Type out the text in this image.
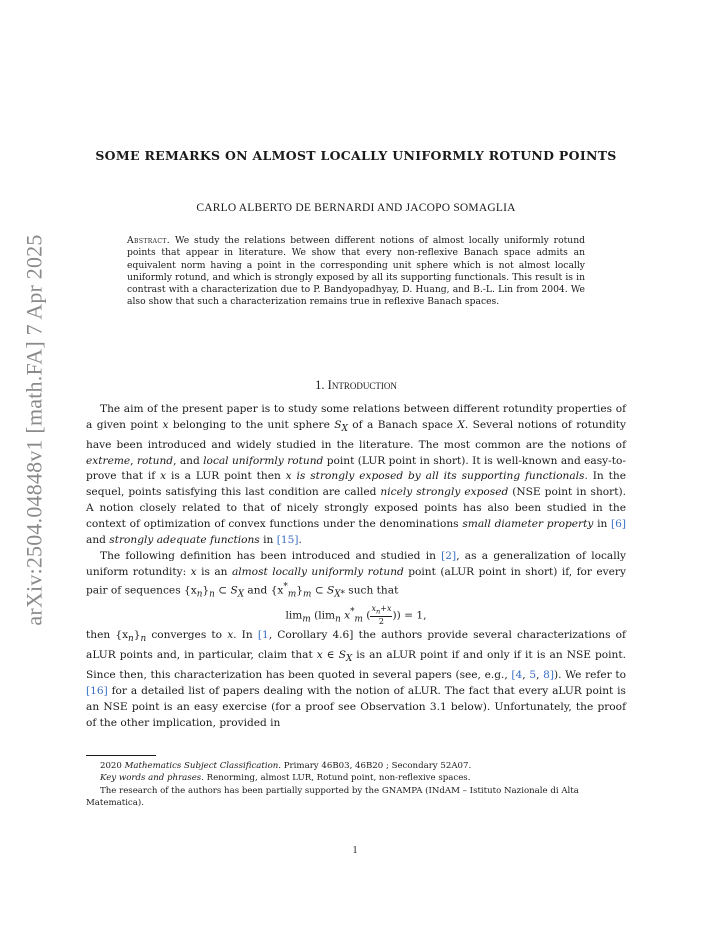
arXiv:2504.04848v1 [math.FA] 7 Apr 2025
SOME REMARKS ON ALMOST LOCALLY UNIFORMLY ROTUND POINTS
CARLO ALBERTO DE BERNARDI AND JACOPO SOMAGLIA
Abstract. We study the relations between different notions of almost locally uniformly rotund points that appear in literature. We show that every non-reflexive Banach space admits an equivalent norm having a point in the corresponding unit sphere which is not almost locally uniformly rotund, and which is strongly exposed by all its supporting functionals. This result is in contrast with a characterization due to P. Bandyopadhyay, D. Huang, and B.-L. Lin from 2004. We also show that such a characterization remains true in reflexive Banach spaces.
1. Introduction

The aim of the present paper is to study some relations between different rotundity properties of a given point x belonging to the unit sphere $S_X$ of a Banach space X. Several notions of rotundity have been introduced and widely studied in the literature. The most common are the notions of extreme, rotund, and local uniformly rotund point (LUR point in short). It is well-known and easy-to-prove that if x is a LUR point then x is strongly exposed by all its supporting functionals. In the sequel, points satisfying this last condition are called nicely strongly exposed (NSE point in short). A notion closely related to that of nicely strongly exposed points has also been studied in the context of optimization of convex functions under the denominations small diameter property in [6] and strongly adequate functions in [15].

The following definition has been introduced and studied in [2], as a generalization of locally uniform rotundity: x is an almost locally uniformly rotund point (aLUR point in short) if, for every pair of sequences $\{x_n\}_n$ ⊂ $S_X$ and $\{x^*_m\}_m$ ⊂ $S_{X*}$ such that

$\lim_m (\lim_n$ $x^*_m$ ( $\frac{x_n+x}{2}$ )) = 1,

then $\{x_n\}_n$ converges to x. In [1, Corollary 4.6] the authors provide several characterizations of aLUR points and, in particular, claim that x ∈ $S_X$ is an aLUR point if and only if it is an NSE point. Since then, this characterization has been quoted in several papers (see, e.g., [4, 5, 8]). We refer to [16] for a detailed list of papers dealing with the notion of aLUR. The fact that every aLUR point is an NSE point is an easy exercise (for a proof see Observation 3.1 below). Unfortunately, the proof of the other implication, provided in

2020 Mathematics Subject Classification. Primary 46B03, 46B20 ; Secondary 52A07.

Key words and phrases. Renorming, almost LUR, Rotund point, non-reflexive spaces.

The research of the authors has been partially supported by the GNAMPA (INdAM – Istituto Nazionale di Alta Matematica).

1
